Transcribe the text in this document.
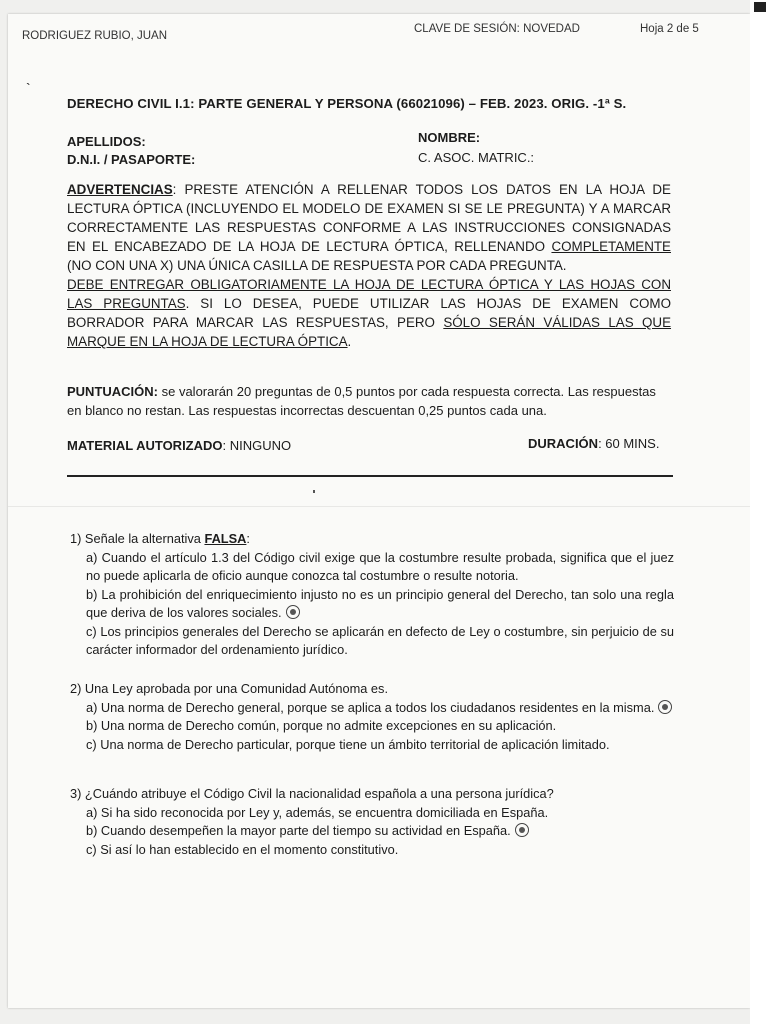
RODRIGUEZ RUBIO, JUAN
CLAVE DE SESIÓN: NOVEDAD	Hoja 2 de 5
`
DERECHO CIVIL I.1: PARTE GENERAL Y PERSONA (66021096) – FEB. 2023. ORIG. -1ª S.
APELLIDOS:	NOMBRE:
D.N.I. / PASAPORTE:	C. ASOC. MATRIC.:
ADVERTENCIAS: PRESTE ATENCIÓN A RELLENAR TODOS LOS DATOS EN LA HOJA DE LECTURA ÓPTICA (INCLUYENDO EL MODELO DE EXAMEN SI SE LE PREGUNTA) Y A MARCAR CORRECTAMENTE LAS RESPUESTAS CONFORME A LAS INSTRUCCIONES CONSIGNADAS EN EL ENCABEZADO DE LA HOJA DE LECTURA ÓPTICA, RELLENANDO COMPLETAMENTE (NO CON UNA X) UNA ÚNICA CASILLA DE RESPUESTA POR CADA PREGUNTA.
DEBE ENTREGAR OBLIGATORIAMENTE LA HOJA DE LECTURA ÓPTICA Y LAS HOJAS CON LAS PREGUNTAS. SI LO DESEA, PUEDE UTILIZAR LAS HOJAS DE EXAMEN COMO BORRADOR PARA MARCAR LAS RESPUESTAS, PERO SÓLO SERÁN VÁLIDAS LAS QUE MARQUE EN LA HOJA DE LECTURA ÓPTICA.
PUNTUACIÓN: se valorarán 20 preguntas de 0,5 puntos por cada respuesta correcta. Las respuestas en blanco no restan. Las respuestas incorrectas descuentan 0,25 puntos cada una.
MATERIAL AUTORIZADO: NINGUNO	DURACIÓN: 60 MINS.
1) Señale la alternativa FALSA:
a) Cuando el artículo 1.3 del Código civil exige que la costumbre resulte probada, significa que el juez no puede aplicarla de oficio aunque conozca tal costumbre o resulte notoria.
b) La prohibición del enriquecimiento injusto no es un principio general del Derecho, tan solo una regla que deriva de los valores sociales.
c) Los principios generales del Derecho se aplicarán en defecto de Ley o costumbre, sin perjuicio de su carácter informador del ordenamiento jurídico.
2) Una Ley aprobada por una Comunidad Autónoma es.
a) Una norma de Derecho general, porque se aplica a todos los ciudadanos residentes en la misma.
b) Una norma de Derecho común, porque no admite excepciones en su aplicación.
c) Una norma de Derecho particular, porque tiene un ámbito territorial de aplicación limitado.
3) ¿Cuándo atribuye el Código Civil la nacionalidad española a una persona jurídica?
a) Si ha sido reconocida por Ley y, además, se encuentra domiciliada en España.
b) Cuando desempeñen la mayor parte del tiempo su actividad en España.
c) Si así lo han establecido en el momento constitutivo.
